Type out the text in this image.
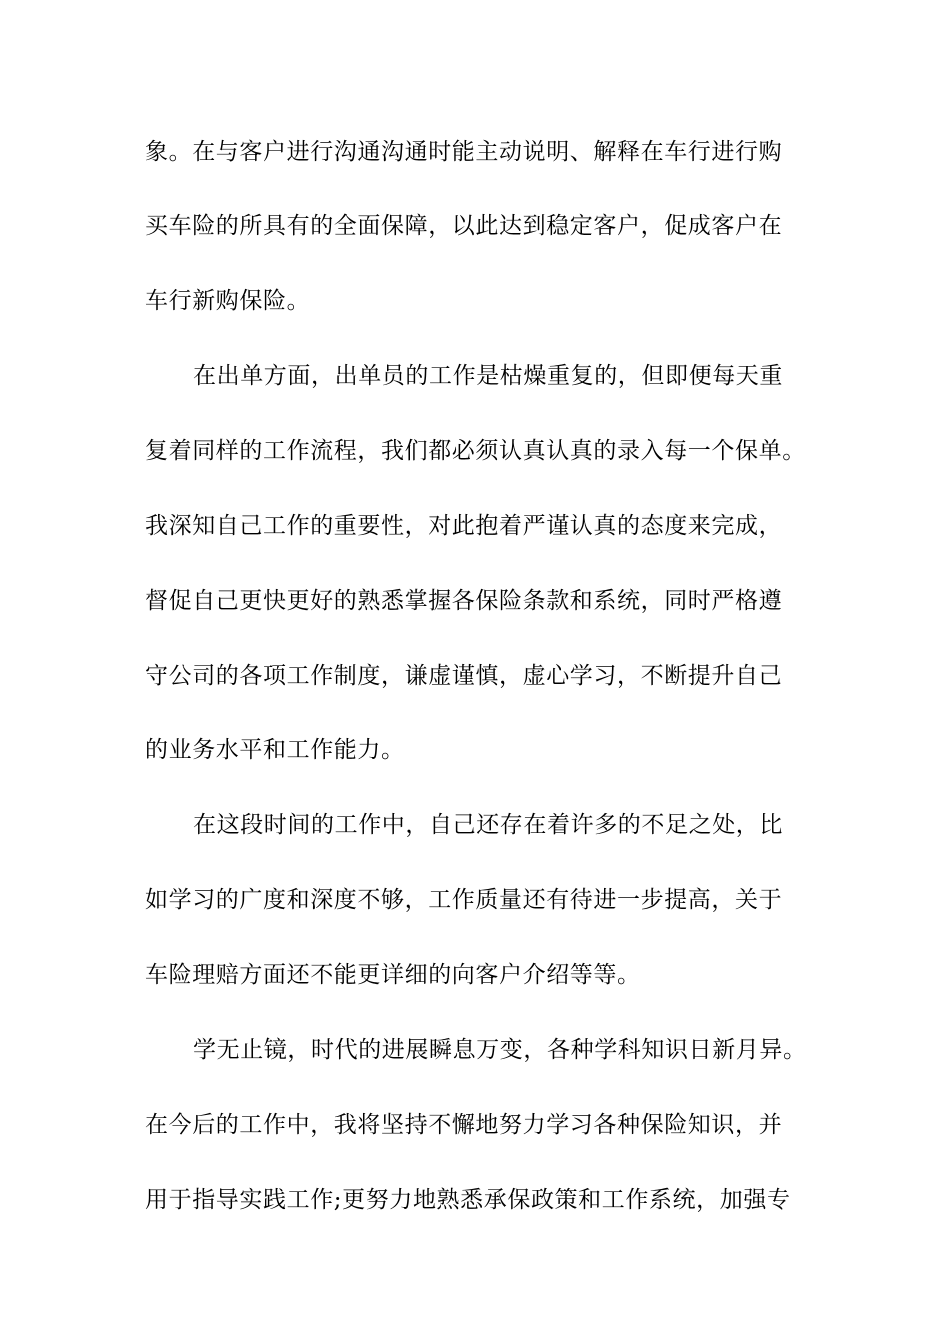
象。在与客户进行沟通沟通时能主动说明、解释在车行进行购
买车险的所具有的全面保障，以此达到稳定客户，促成客户在
车行新购保险。
在出单方面，出单员的工作是枯燥重复的，但即便每天重
复着同样的工作流程，我们都必须认真认真的录入每一个保单。
我深知自己工作的重要性，对此抱着严谨认真的态度来完成，
督促自己更快更好的熟悉掌握各保险条款和系统，同时严格遵
守公司的各项工作制度，谦虚谨慎，虚心学习，不断提升自己
的业务水平和工作能力。
在这段时间的工作中，自己还存在着许多的不足之处，比
如学习的广度和深度不够，工作质量还有待进一步提高，关于
车险理赔方面还不能更详细的向客户介绍等等。
学无止镜，时代的进展瞬息万变，各种学科知识日新月异。
在今后的工作中，我将坚持不懈地努力学习各种保险知识，并
用于指导实践工作;更努力地熟悉承保政策和工作系统，加强专
